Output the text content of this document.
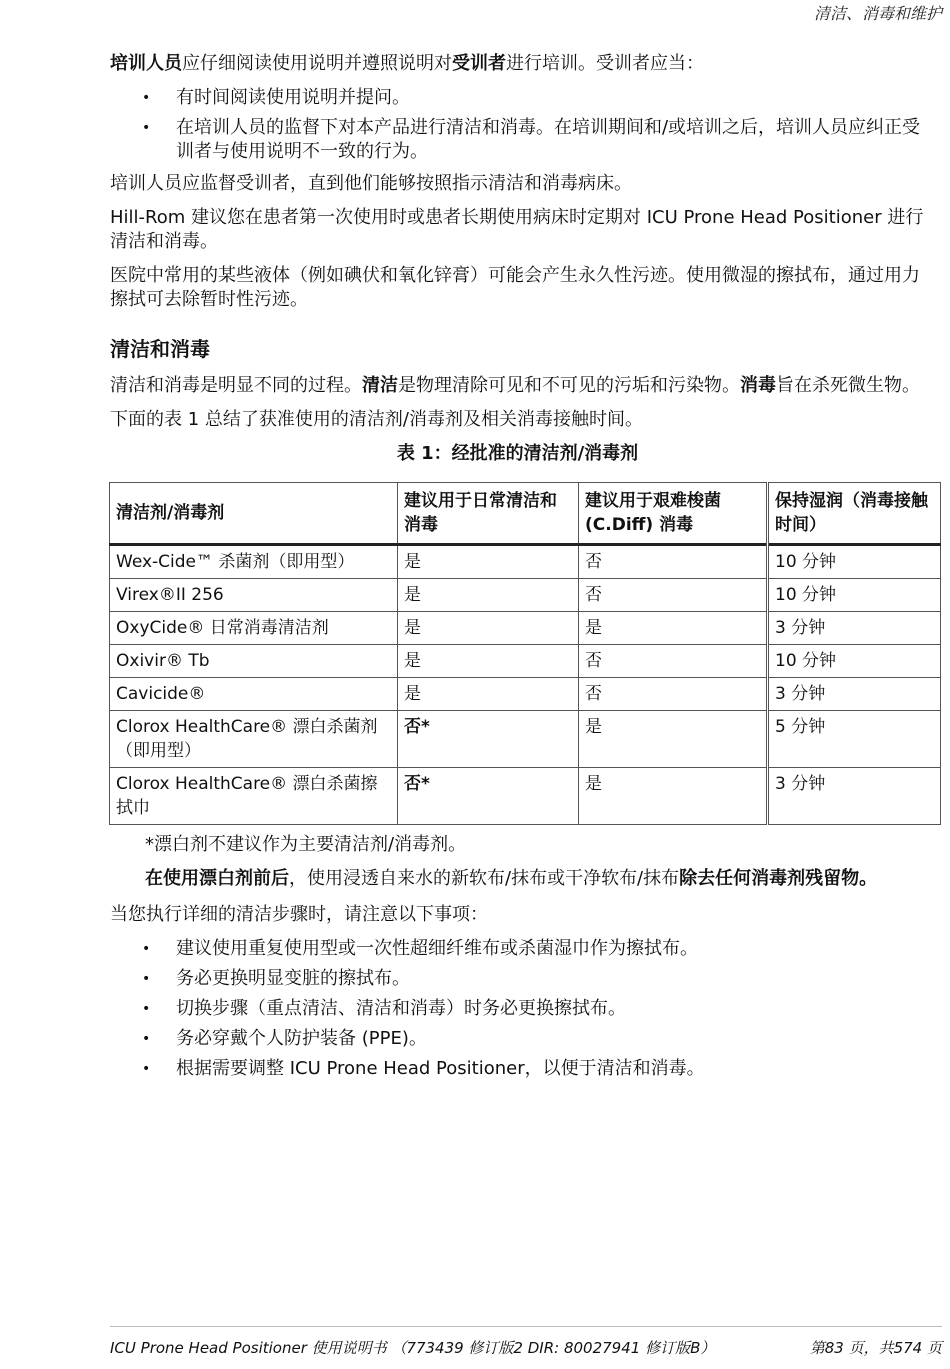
清洁、消毒和维护

培训人员应仔细阅读使用说明并遵照说明对受训者进行培训。受训者应当：

• 有时间阅读使用说明并提问。
• 在培训人员的监督下对本产品进行清洁和消毒。在培训期间和/或培训之后，培训人员应纠正受训者与使用说明不一致的行为。

培训人员应监督受训者，直到他们能够按照指示清洁和消毒病床。

Hill-Rom 建议您在患者第一次使用时或患者长期使用病床时定期对 ICU Prone Head Positioner 进行清洁和消毒。

医院中常用的某些液体（例如碘伏和氧化锌膏）可能会产生永久性污迹。使用微湿的擦拭布，通过用力擦拭可去除暂时性污迹。

清洁和消毒

清洁和消毒是明显不同的过程。清洁是物理清除可见和不可见的污垢和污染物。消毒旨在杀死微生物。

下面的表 1 总结了获准使用的清洁剂/消毒剂及相关消毒接触时间。

表 1：经批准的清洁剂/消毒剂
清洁剂/消毒剂	建议用于日常清洁和消毒	建议用于艰难梭菌 (C.Diff) 消毒	保持湿润（消毒接触时间）
Wex-Cide™ 杀菌剂（即用型）	是	否	10 分钟
Virex®II 256	是	否	10 分钟
OxyCide® 日常消毒清洁剂	是	是	3 分钟
Oxivir® Tb	是	否	10 分钟
Cavicide®	是	否	3 分钟
Clorox HealthCare® 漂白杀菌剂（即用型）	否*	是	5 分钟
Clorox HealthCare® 漂白杀菌擦拭巾	否*	是	3 分钟

*漂白剂不建议作为主要清洁剂/消毒剂。

在使用漂白剂前后，使用浸透自来水的新软布/抹布或干净软布/抹布除去任何消毒剂残留物。

当您执行详细的清洁步骤时，请注意以下事项：

• 建议使用重复使用型或一次性超细纤维布或杀菌湿巾作为擦拭布。
• 务必更换明显变脏的擦拭布。
• 切换步骤（重点清洁、清洁和消毒）时务必更换擦拭布。
• 务必穿戴个人防护装备 (PPE)。
• 根据需要调整 ICU Prone Head Positioner，以便于清洁和消毒。
ICU Prone Head Positioner 使用说明书 （773439 修订版2 DIR: 80027941 修订版B）	第83 页，共574 页
